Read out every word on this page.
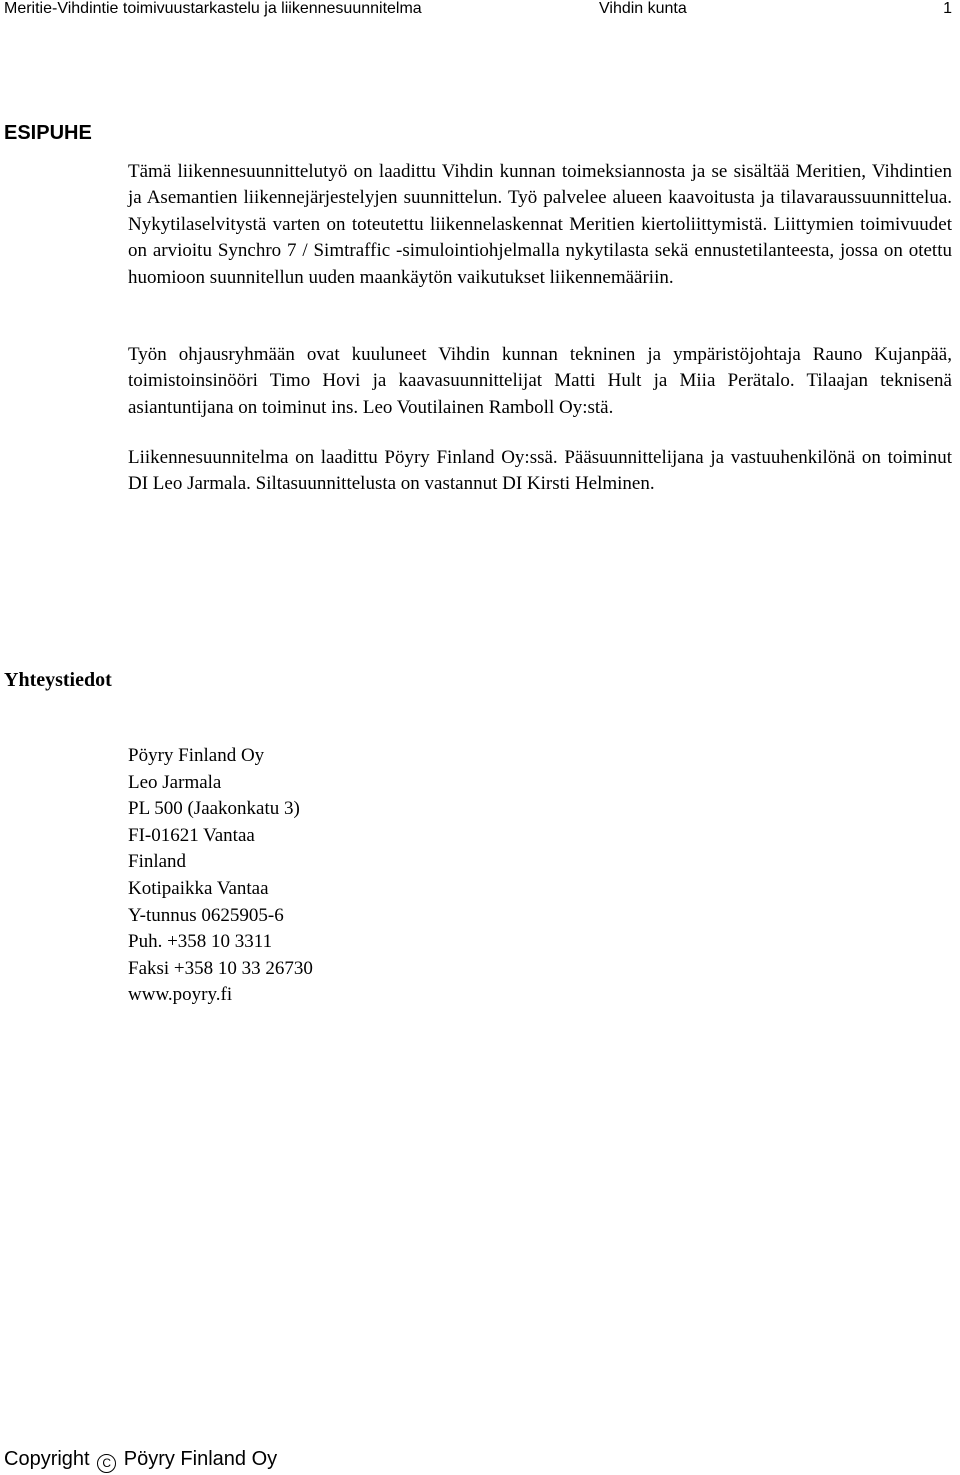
Meritie-Vihdintie toimivuustarkastelu ja liikennesuunnitelma	Vihdin kunta	1
ESIPUHE

Tämä liikennesuunnittelutyö on laadittu Vihdin kunnan toimeksiannosta ja se sisältää Meritien, Vihdintien ja Asemantien liikennejärjestelyjen suunnittelun. Työ palvelee alueen kaavoitusta ja tilavaraussuunnittelua. Nykytilaselvitystä varten on toteutettu liikennelaskennat Meritien kiertoliittymistä. Liittymien toimivuudet on arvioitu Synchro 7 / Simtraffic -simulointiohjelmalla nykytilasta sekä ennustetilanteesta, jossa on otettu huomioon suunnitellun uuden maankäytön vaikutukset liikennemääriin.

Työn ohjausryhmään ovat kuuluneet Vihdin kunnan tekninen ja ympäristöjohtaja Rauno Kujanpää, toimistoinsinööri Timo Hovi ja kaavasuunnittelijat Matti Hult ja Miia Perätalo. Tilaajan teknisenä asiantuntijana on toiminut ins. Leo Voutilainen Ramboll Oy:stä.

Liikennesuunnitelma on laadittu Pöyry Finland Oy:ssä. Pääsuunnittelijana ja vastuuhenkilönä on toiminut DI Leo Jarmala. Siltasuunnittelusta on vastannut DI Kirsti Helminen.

Yhteystiedot
Pöyry Finland Oy
Leo Jarmala
PL 500 (Jaakonkatu 3)
FI-01621 Vantaa
Finland
Kotipaikka Vantaa
Y-tunnus 0625905-6
Puh. +358 10 3311
Faksi +358 10 33 26730
www.poyry.fi
Copyright C Pöyry Finland Oy
